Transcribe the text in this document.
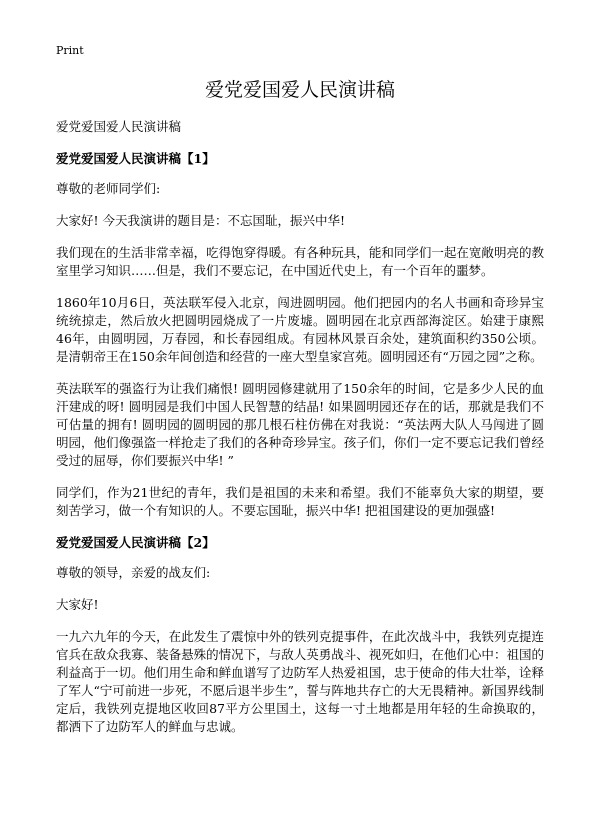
Print
爱党爱国爱人民演讲稿

爱党爱国爱人民演讲稿

爱党爱国爱人民演讲稿【1】

尊敬的老师同学们:

大家好! 今天我演讲的题目是：不忘国耻，振兴中华!

我们现在的生活非常幸福，吃得饱穿得暖。有各种玩具，能和同学们一起在宽敞明亮的教室里学习知识……但是，我们不要忘记，在中国近代史上，有一个百年的噩梦。

1860年10月6日，英法联军侵入北京，闯进圆明园。他们把园内的名人书画和奇珍异宝统统掠走，然后放火把圆明园烧成了一片废墟。圆明园在北京西部海淀区。始建于康熙46年，由圆明园，万春园，和长春园组成。有园林风景百余处，建筑面积约350公顷。是清朝帝王在150余年间创造和经营的一座大型皇家宫苑。圆明园还有“万园之园”之称。

英法联军的强盗行为让我们痛恨! 圆明园修建就用了150余年的时间，它是多少人民的血汗建成的呀! 圆明园是我们中国人民智慧的结晶! 如果圆明园还存在的话，那就是我们不可估量的拥有! 圆明园的圆明园的那几根石柱仿佛在对我说：“英法两大队人马闯进了圆明园，他们像强盗一样抢走了我们的各种奇珍异宝。孩子们，你们一定不要忘记我们曾经受过的屈辱，你们要振兴中华! ”

同学们，作为21世纪的青年，我们是祖国的未来和希望。我们不能辜负大家的期望，要刻苦学习，做一个有知识的人。不要忘国耻，振兴中华! 把祖国建设的更加强盛!

爱党爱国爱人民演讲稿【2】

尊敬的领导，亲爱的战友们:

大家好!

一九六九年的今天，在此发生了震惊中外的铁列克提事件，在此次战斗中，我铁列克提连官兵在敌众我寡、装备悬殊的情况下，与敌人英勇战斗、视死如归，在他们心中：祖国的利益高于一切。他们用生命和鲜血谱写了边防军人热爱祖国，忠于使命的伟大壮举，诠释了军人“宁可前进一步死，不愿后退半步生”，誓与阵地共存亡的大无畏精神。新国界线制定后，我铁列克提地区收回87平方公里国土，这每一寸土地都是用年轻的生命换取的，都洒下了边防军人的鲜血与忠诚。
